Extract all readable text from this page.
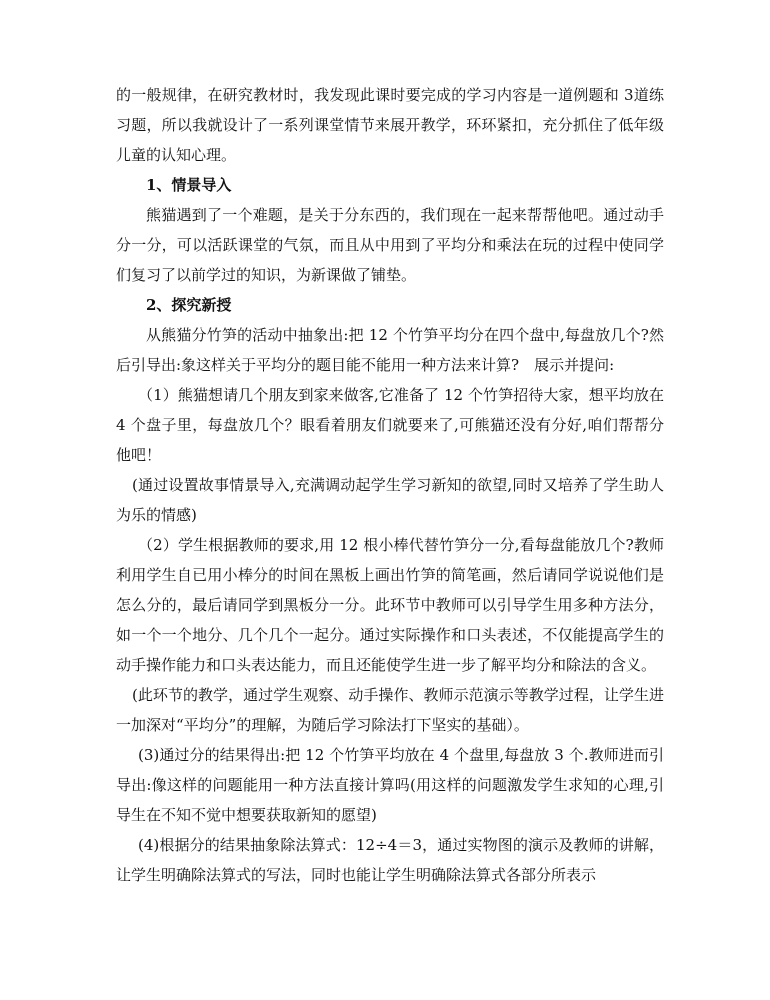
的一般规律，在研究教材时，我发现此课时要完成的学习内容是一道例题和 3道练习题，所以我就设计了一系列课堂情节来展开教学，环环紧扣，充分抓住了低年级儿童的认知心理。

1、情景导入

熊猫遇到了一个难题，是关于分东西的，我们现在一起来帮帮他吧。通过动手分一分，可以活跃课堂的气氛，而且从中用到了平均分和乘法在玩的过程中使同学们复习了以前学过的知识，为新课做了铺垫。

2、探究新授

从熊猫分竹笋的活动中抽象出:把 12 个竹笋平均分在四个盘中,每盘放几个?然后引导出:象这样关于平均分的题目能不能用一种方法来计算?　展示并提问:

（1）熊猫想请几个朋友到家来做客,它准备了 12 个竹笋招待大家，想平均放在 4 个盘子里，每盘放几个？眼看着朋友们就要来了,可熊猫还没有分好,咱们帮帮分他吧！

(通过设置故事情景导入,充满调动起学生学习新知的欲望,同时又培养了学生助人为乐的情感)

（2）学生根据教师的要求,用 12 根小棒代替竹笋分一分,看每盘能放几个?教师利用学生自已用小棒分的时间在黑板上画出竹笋的简笔画，然后请同学说说他们是怎么分的，最后请同学到黑板分一分。此环节中教师可以引导学生用多种方法分，如一个一个地分、几个几个一起分。通过实际操作和口头表述，不仅能提高学生的动手操作能力和口头表达能力，而且还能使学生进一步了解平均分和除法的含义。

(此环节的教学，通过学生观察、动手操作、教师示范演示等教学过程，让学生进一加深对“平均分”的理解，为随后学习除法打下坚实的基础）。

(3)通过分的结果得出:把 12 个竹笋平均放在 4 个盘里,每盘放 3 个.教师进而引导出:像这样的问题能用一种方法直接计算吗(用这样的问题激发学生求知的心理,引导生在不知不觉中想要获取新知的愿望)

(4)根据分的结果抽象除法算式：12÷4＝3，通过实物图的演示及教师的讲解，让学生明确除法算式的写法，同时也能让学生明确除法算式各部分所表示
